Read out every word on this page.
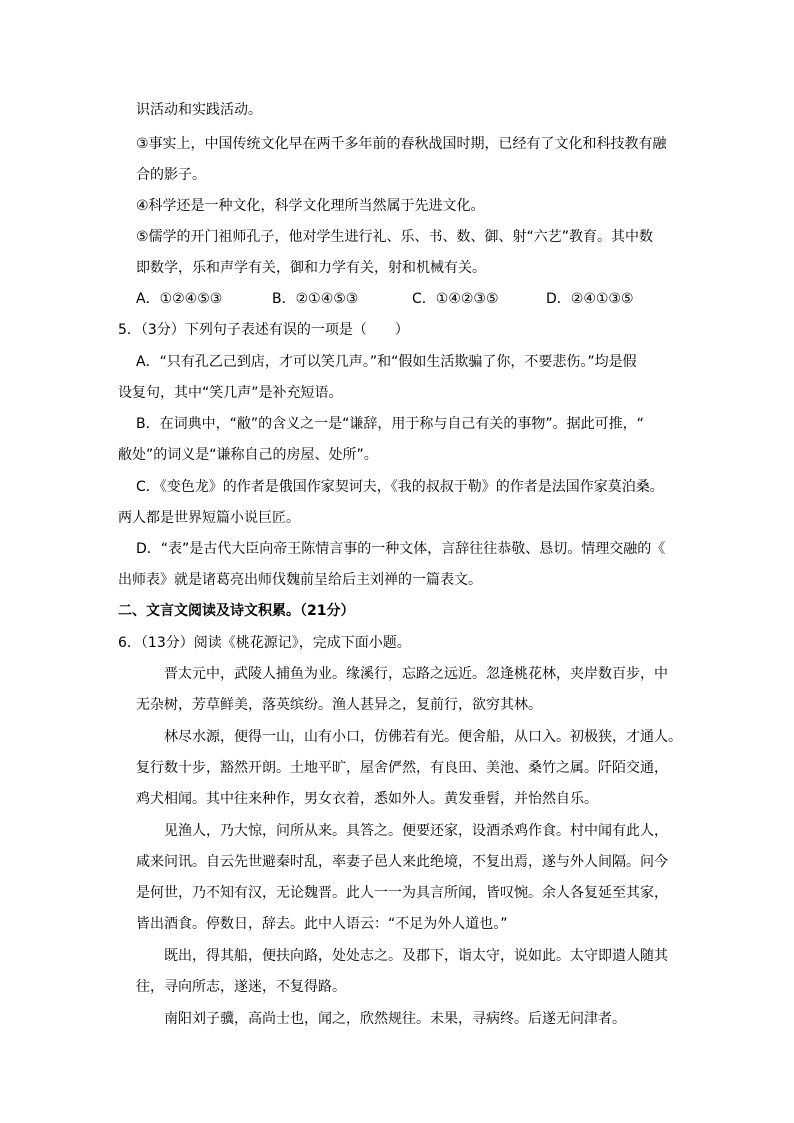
识活动和实践活动。
③事实上，中国传统文化早在两千多年前的春秋战国时期，已经有了文化和科技教有融
合的影子。
④科学还是一种文化，科学文化理所当然属于先进文化。
⑤儒学的开门祖师孔子，他对学生进行礼、乐、书、数、御、射“六艺”教育。其中数
即数学，乐和声学有关，御和力学有关，射和机械有关。
A．①②④⑤③	B．②①④⑤③	C．①④②③⑤	D．②④①③⑤
5．（3分）下列句子表述有误的一项是（　　）
A．“只有孔乙己到店，才可以笑几声。”和“假如生活欺骗了你，不要悲伤。”均是假
设复句，其中“笑几声”是补充短语。
B．在词典中，“敝”的含义之一是“谦辞，用于称与自己有关的事物”。据此可推，“
敝处”的词义是“谦称自己的房屋、处所”。
C．《变色龙》的作者是俄国作家契诃夫，《我的叔叔于勒》的作者是法国作家莫泊桑。
两人都是世界短篇小说巨匠。
D．“表”是古代大臣向帝王陈情言事的一种文体，言辞往往恭敬、恳切。情理交融的《
出师表》就是诸葛亮出师伐魏前呈给后主刘禅的一篇表文。
二、文言文阅读及诗文积累。（21分）
6．（13分）阅读《桃花源记》，完成下面小题。
晋太元中，武陵人捕鱼为业。缘溪行，忘路之远近。忽逢桃花林，夹岸数百步，中
无杂树，芳草鲜美，落英缤纷。渔人甚异之，复前行，欲穷其林。
林尽水源，便得一山，山有小口，仿佛若有光。便舍船，从口入。初极狭，才通人。
复行数十步，豁然开朗。土地平旷，屋舍俨然，有良田、美池、桑竹之属。阡陌交通，
鸡犬相闻。其中往来种作，男女衣着，悉如外人。黄发垂髫，并怡然自乐。
见渔人，乃大惊，问所从来。具答之。便要还家，设酒杀鸡作食。村中闻有此人，
咸来问讯。自云先世避秦时乱，率妻子邑人来此绝境，不复出焉，遂与外人间隔。问今
是何世，乃不知有汉，无论魏晋。此人一一为具言所闻，皆叹惋。余人各复延至其家，
皆出酒食。停数日，辞去。此中人语云：“不足为外人道也。”
既出，得其船，便扶向路，处处志之。及郡下，诣太守，说如此。太守即遣人随其
往，寻向所志，遂迷，不复得路。
南阳刘子骥，高尚士也，闻之，欣然规往。未果，寻病终。后遂无问津者。
